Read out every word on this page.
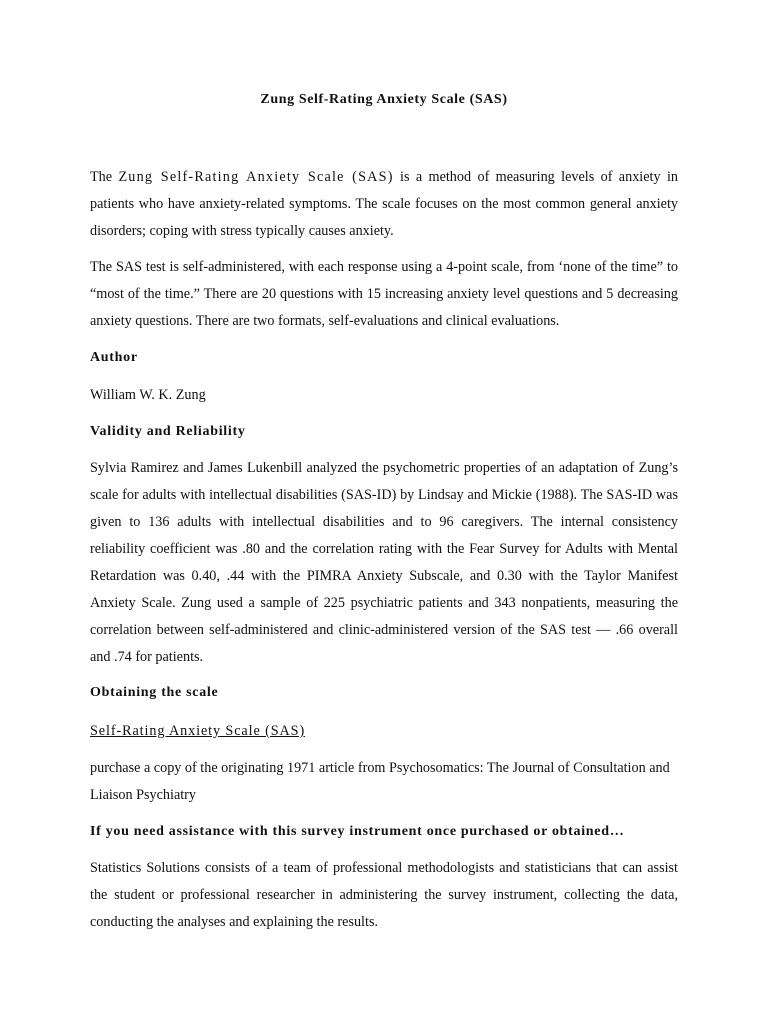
Zung Self-Rating Anxiety Scale (SAS)

The Zung Self-Rating Anxiety Scale (SAS) is a method of measuring levels of anxiety in patients who have anxiety-related symptoms. The scale focuses on the most common general anxiety disorders; coping with stress typically causes anxiety.

The SAS test is self-administered, with each response using a 4-point scale, from ‘none of the time” to “most of the time.” There are 20 questions with 15 increasing anxiety level questions and 5 decreasing anxiety questions. There are two formats, self-evaluations and clinical evaluations.

Author
William W. K. Zung
Validity and Reliability

Sylvia Ramirez and James Lukenbill analyzed the psychometric properties of an adaptation of Zung’s scale for adults with intellectual disabilities (SAS-ID) by Lindsay and Mickie (1988). The SAS-ID was given to 136 adults with intellectual disabilities and to 96 caregivers. The internal consistency reliability coefficient was .80 and the correlation rating with the Fear Survey for Adults with Mental Retardation was 0.40, .44 with the PIMRA Anxiety Subscale, and 0.30 with the Taylor Manifest Anxiety Scale. Zung used a sample of 225 psychiatric patients and 343 nonpatients, measuring the correlation between self-administered and clinic-administered version of the SAS test — .66 overall and .74 for patients.

Obtaining the scale
Self-Rating Anxiety Scale (SAS)

purchase a copy of the originating 1971 article from Psychosomatics: The Journal of Consultation and Liaison Psychiatry

If you need assistance with this survey instrument once purchased or obtained…

Statistics Solutions consists of a team of professional methodologists and statisticians that can assist the student or professional researcher in administering the survey instrument, collecting the data, conducting the analyses and explaining the results.
